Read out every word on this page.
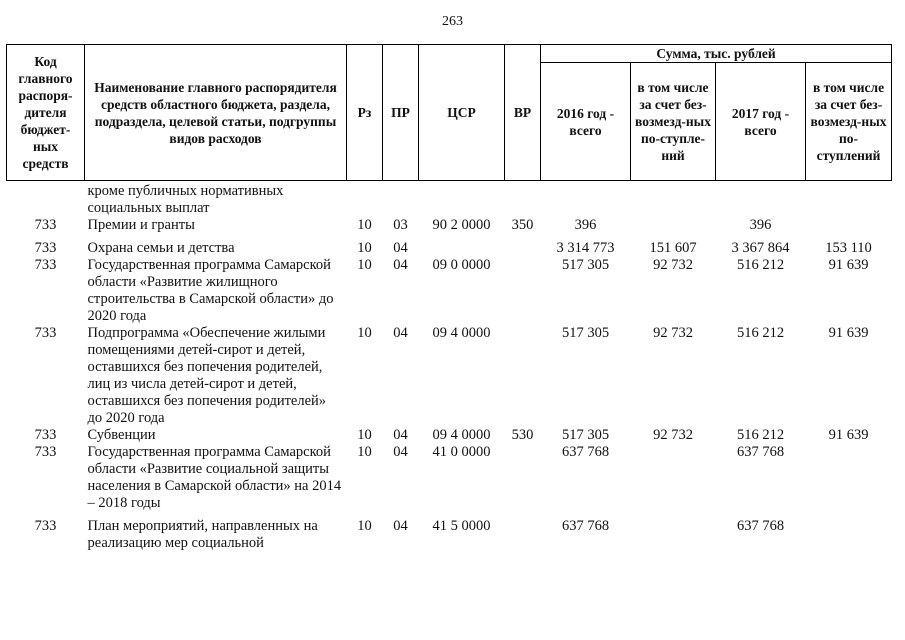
263
Код главного распоря-дителя бюджет-ных средств	Наименование главного распорядителя средств областного бюджета, раздела, подраздела, целевой статьи, подгруппы видов расходов	Рз	ПР	ЦСР	ВР	Сумма, тыс. рублей			
						2016 год - всего	в том числе за счет без-возмезд-ных по-ступле-ний	2017 год - всего	в том числе за счет без-возмезд-ных по-ступлений
	кроме публичных нормативных социальных выплат								
733	Премии и гранты	10	03	90 2 0000	350	396		396	
733	Охрана семьи и детства	10	04			3 314 773	151 607	3 367 864	153 110
733	Государственная программа Самарской области «Развитие жилищного строительства в Самарской области» до 2020 года	10	04	09 0 0000		517 305	92 732	516 212	91 639
733	Подпрограмма «Обеспечение жилыми помещениями детей-сирот и детей, оставшихся без попечения родителей, лиц из числа детей-сирот и детей, оставшихся без попечения родителей» до 2020 года	10	04	09 4 0000		517 305	92 732	516 212	91 639
733	Субвенции	10	04	09 4 0000	530	517 305	92 732	516 212	91 639
733	Государственная программа Самарской области «Развитие социальной защиты населения в Самарской области» на 2014 – 2018 годы	10	04	41 0 0000		637 768		637 768	
733	План мероприятий, направленных на реализацию мер социальной	10	04	41 5 0000		637 768		637 768	
